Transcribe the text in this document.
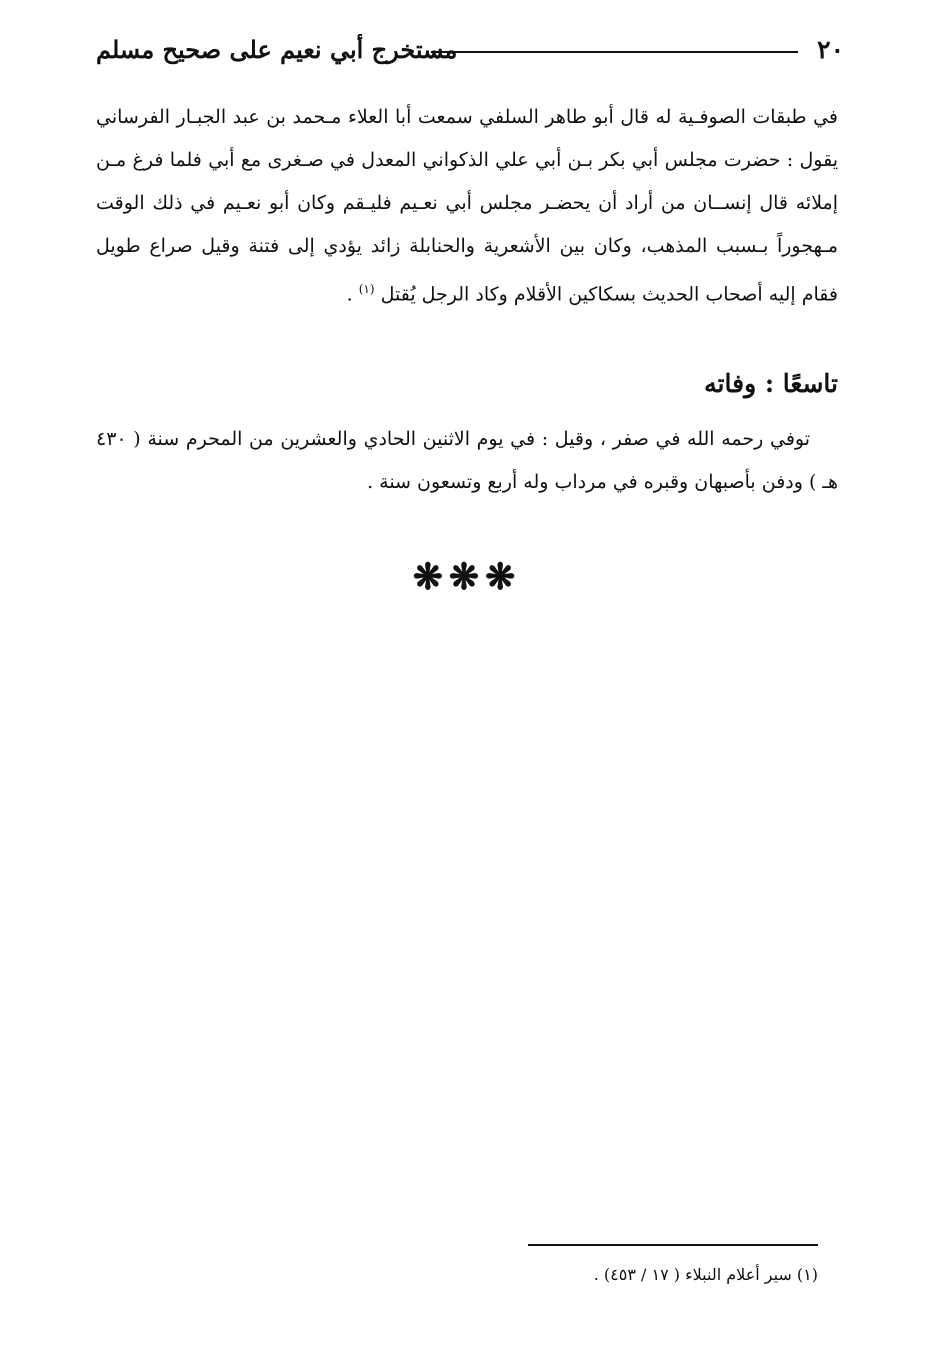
٢٠
مستخرج أبي نعيم على صحيح مسلم

في طبقات الصوفـية له قال أبو طاهر السلفي سمعت أبا العلاء مـحمد بن عبد الجبـار الفرساني يقول : حضرت مجلس أبي بكر بـن أبي علي الذكواني المعدل في صـغرى مع أبي فلما فرغ مـن إملائه قال إنســان من أراد أن يحضـر مجلس أبي نعـيم فليـقم وكان أبو نعـيم في ذلك الوقت مـهجوراً بـسبب المذهب، وكان بين الأشعرية والحنابلة زائد يؤدي إلى فتنة وقيل صراع طويل فقام إليه أصحاب الحديث بسكاكين الأقلام وكاد الرجل يُقتل $^{(١)}$ .

تاسعًا : وفاته

توفي رحمه الله في صفر ، وقيل : في يوم الاثنين الحادي والعشرين من المحرم سنة ( ٤٣٠ هـ ) ودفن بأصبهان وقبره في مرداب وله أربع وتسعون سنة .

❋❋❋
(١) سير أعلام النبلاء ( ١٧ / ٤٥٣) .
